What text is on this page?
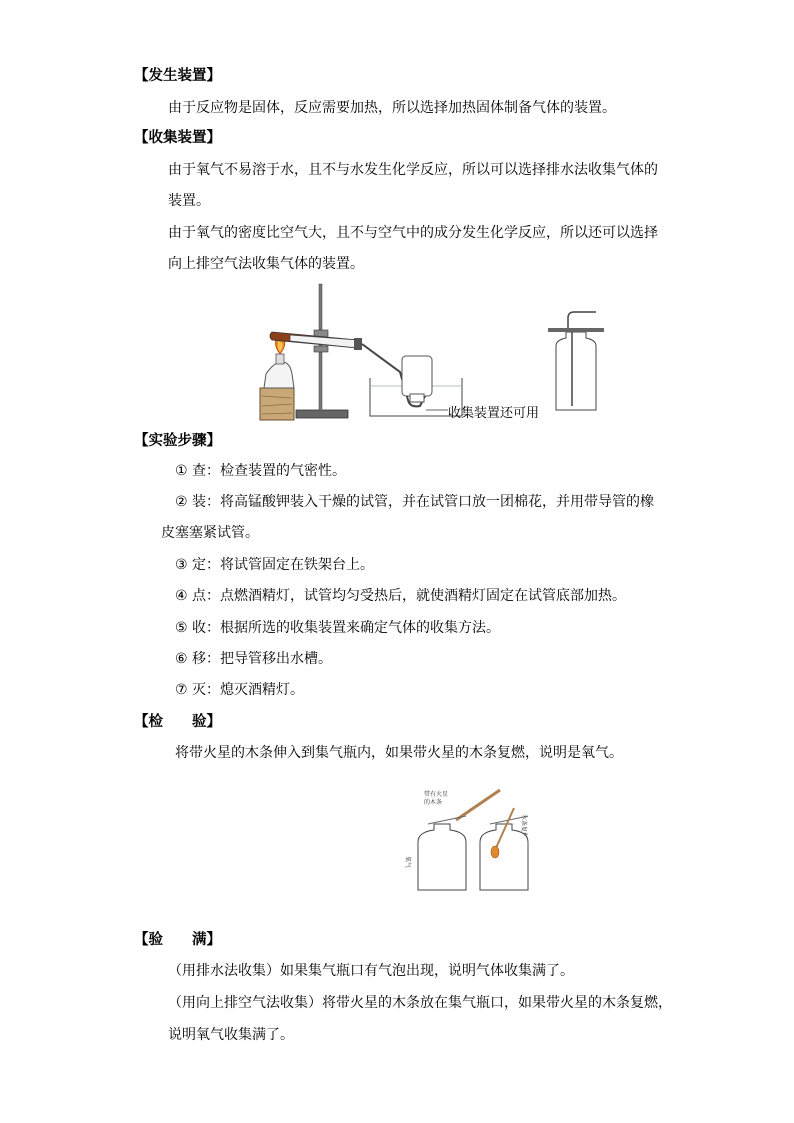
【发生装置】
由于反应物是固体，反应需要加热，所以选择加热固体制备气体的装置。
【收集装置】
由于氧气不易溶于水，且不与水发生化学反应，所以可以选择排水法收集气体的
装置。
由于氧气的密度比空气大，且不与空气中的成分发生化学反应，所以还可以选择
向上排空气法收集气体的装置。
收集装置还可用
【实验步骤】
① 查：检查装置的气密性。
② 装：将高锰酸钾装入干燥的试管，并在试管口放一团棉花，并用带导管的橡
皮塞塞紧试管。
③ 定：将试管固定在铁架台上。
④ 点：点燃酒精灯，试管均匀受热后，就使酒精灯固定在试管底部加热。
⑤ 收：根据所选的收集装置来确定气体的收集方法。
⑥ 移：把导管移出水槽。
⑦ 灭：熄灭酒精灯。
【检　　验】
将带火星的木条伸入到集气瓶内，如果带火星的木条复燃，说明是氧气。
带有火星
的木条
木条复燃
氧气
【验　　满】
（用排水法收集）如果集气瓶口有气泡出现，说明气体收集满了。
（用向上排空气法收集）将带火星的木条放在集气瓶口，如果带火星的木条复燃，
说明氧气收集满了。
